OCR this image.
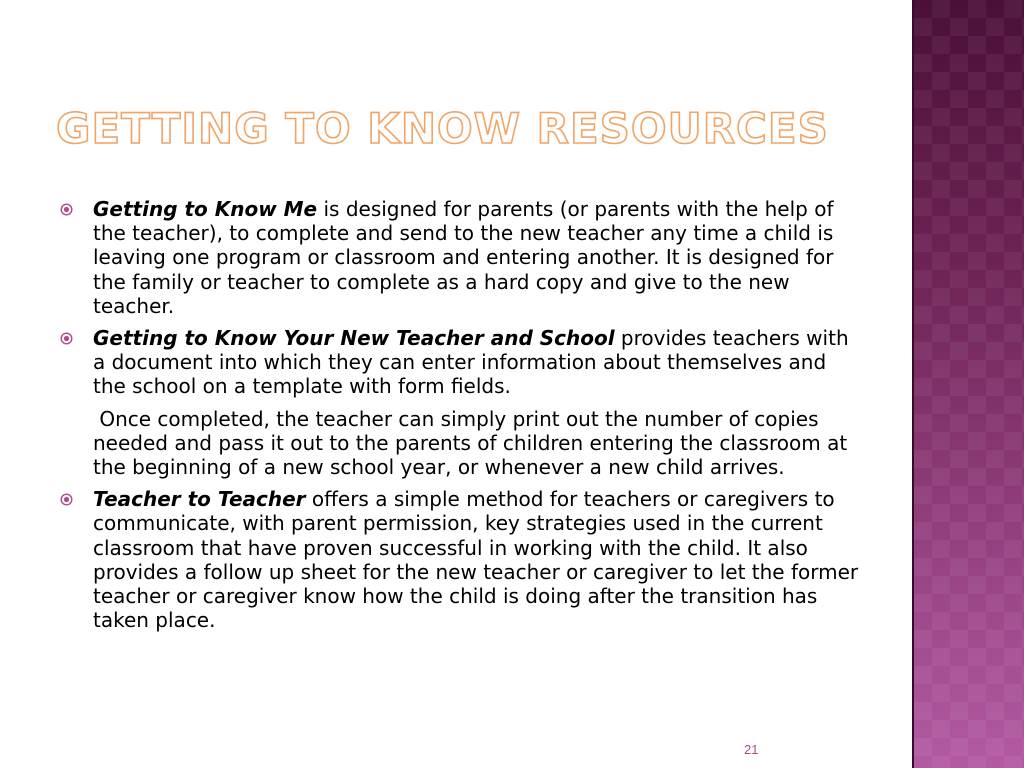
GETTING TO KNOW RESOURCES

Getting to Know Me is designed for parents (or parents with the help of the teacher), to complete and send to the new teacher any time a child is leaving one program or classroom and entering another. It is designed for the family or teacher to complete as a hard copy and give to the new teacher.

Getting to Know Your New Teacher and School provides teachers with a document into which they can enter information about themselves and the school on a template with form fields.

Once completed, the teacher can simply print out the number of copies needed and pass it out to the parents of children entering the classroom at the beginning of a new school year, or whenever a new child arrives.

Teacher to Teacher offers a simple method for teachers or caregivers to communicate, with parent permission, key strategies used in the current classroom that have proven successful in working with the child. It also provides a follow up sheet for the new teacher or caregiver to let the former teacher or caregiver know how the child is doing after the transition has taken place.

21
